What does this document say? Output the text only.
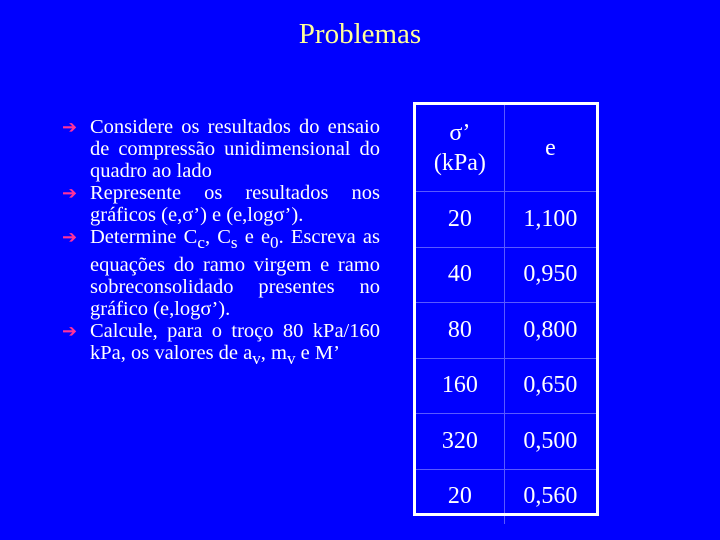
Problemas
➔ Considere os resultados do ensaio de compressão unidimensional do quadro ao lado
➔ Represente os resultados nos gráficos (e,σ’) e (e,logσ’).
➔ Determine $C_c$, $C_s$ e $e_0$. Escreva as equações do ramo virgem e ramo sobreconsolidado presentes no gráfico (e,logσ’).
➔ Calcule, para o troço 80 kPa/160 kPa, os valores de $a_v$, $m_v$ e M’
σ’
(kPa)	e
20	1,100
40	0,950
80	0,800
160	0,650
320	0,500
20	0,560
